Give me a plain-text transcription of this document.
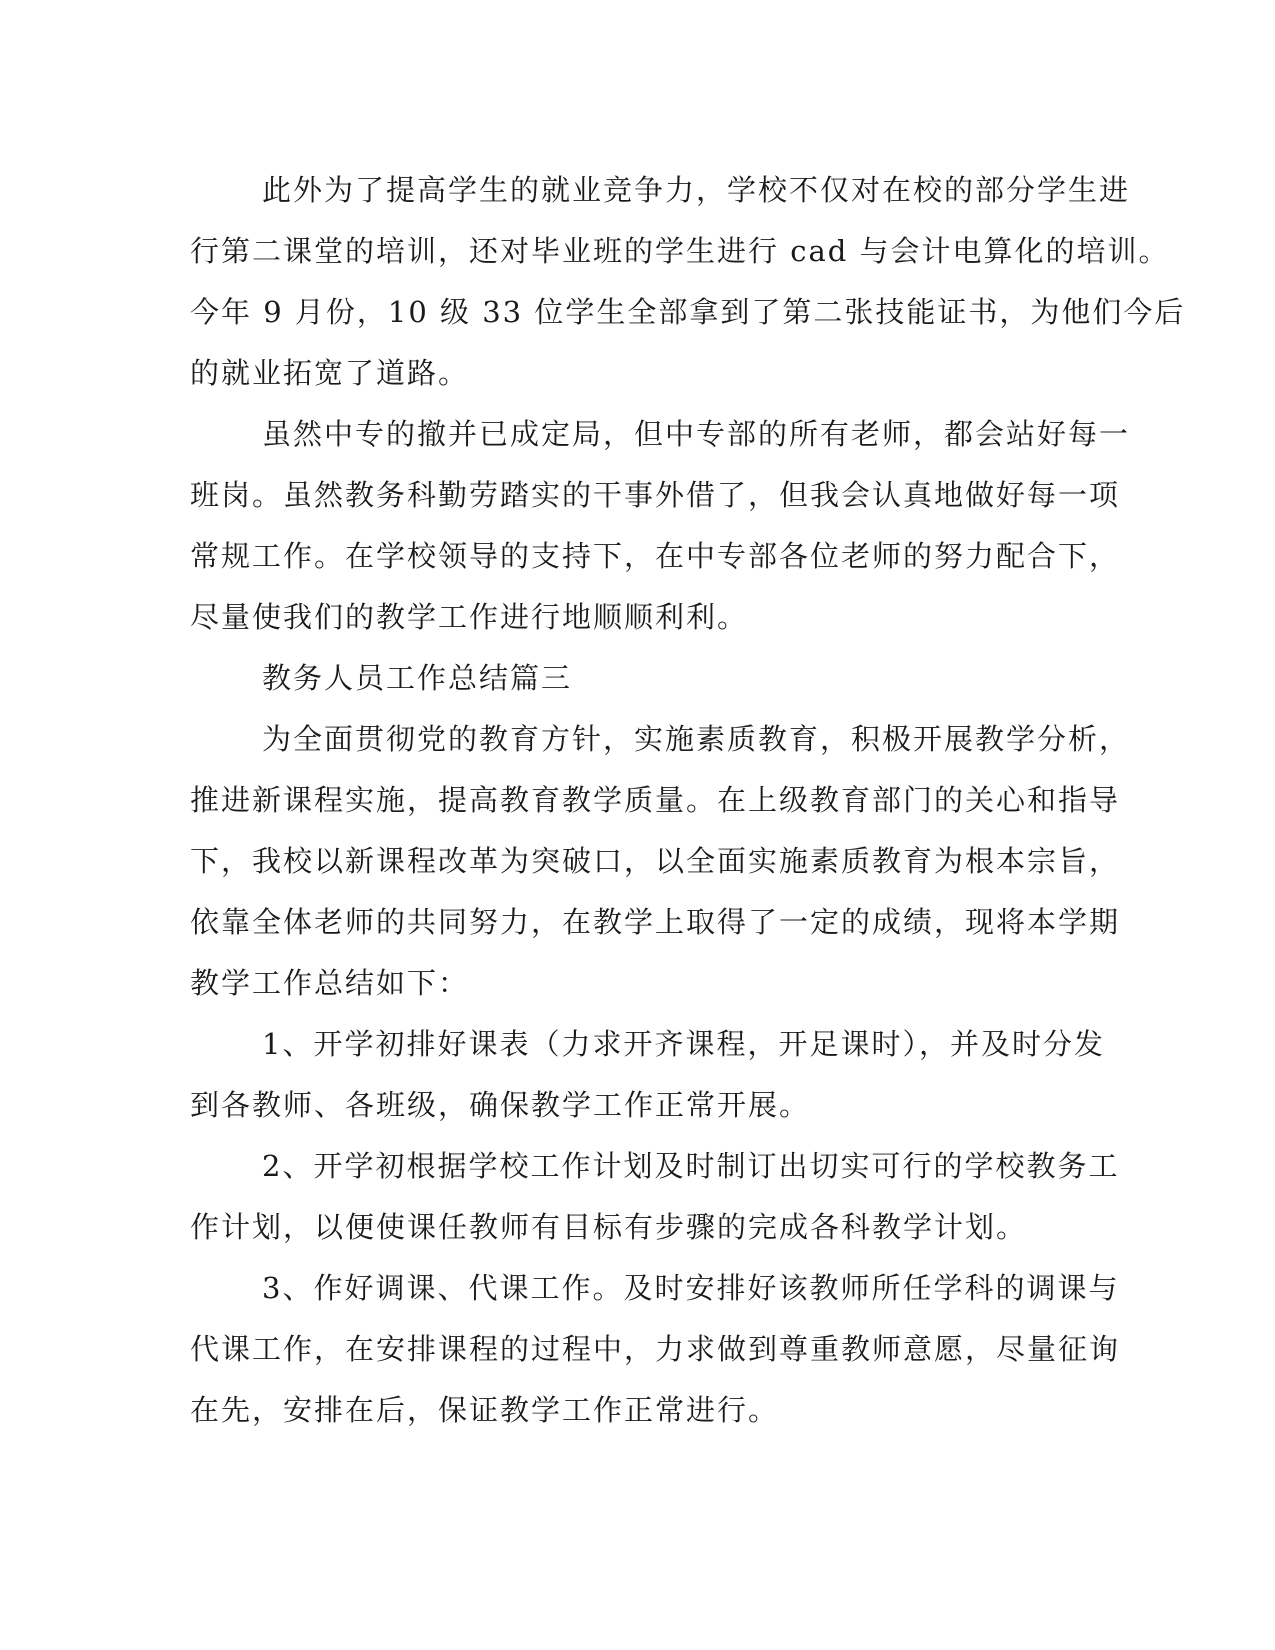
此外为了提高学生的就业竞争力，学校不仅对在校的部分学生进
行第二课堂的培训，还对毕业班的学生进行 cad 与会计电算化的培训。
今年 9 月份，10 级 33 位学生全部拿到了第二张技能证书，为他们今后
的就业拓宽了道路。
虽然中专的撤并已成定局，但中专部的所有老师，都会站好每一
班岗。虽然教务科勤劳踏实的干事外借了，但我会认真地做好每一项
常规工作。在学校领导的支持下，在中专部各位老师的努力配合下，
尽量使我们的教学工作进行地顺顺利利。
教务人员工作总结篇三
为全面贯彻党的教育方针，实施素质教育，积极开展教学分析，
推进新课程实施，提高教育教学质量。在上级教育部门的关心和指导
下，我校以新课程改革为突破口，以全面实施素质教育为根本宗旨，
依靠全体老师的共同努力，在教学上取得了一定的成绩，现将本学期
教学工作总结如下：
1、开学初排好课表（力求开齐课程，开足课时），并及时分发
到各教师、各班级，确保教学工作正常开展。
2、开学初根据学校工作计划及时制订出切实可行的学校教务工
作计划，以便使课任教师有目标有步骤的完成各科教学计划。
3、作好调课、代课工作。及时安排好该教师所任学科的调课与
代课工作，在安排课程的过程中，力求做到尊重教师意愿，尽量征询
在先，安排在后，保证教学工作正常进行。
